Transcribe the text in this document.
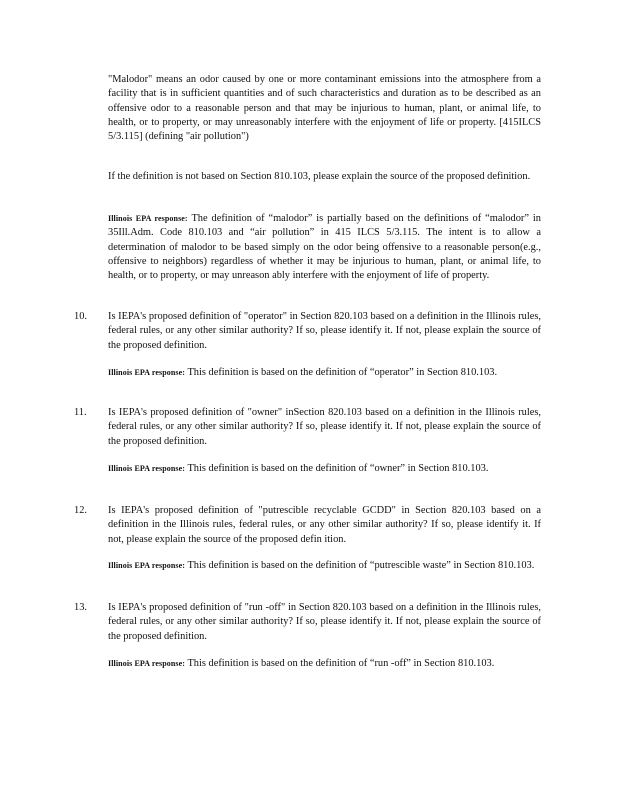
"Malodor" means an odor caused by one or more contaminant emissions into the atmosphere from a facility that is in sufficient quantities and of such characteristics and duration as to be described as an offensive odor to a reasonable person and that may be injurious to human, plant, or animal life, to health, or to property, or may unreasonably interfere with the enjoyment of life or property. [415ILCS 5/3.115] (defining "air pollution")

If the definition is not based on Section 810.103, please explain the source of the proposed definition.

Illinois EPA response: The definition of “malodor” is partially based on the definitions of “malodor” in 35Ill.Adm. Code 810.103 and “air pollution” in 415 ILCS 5/3.115. The intent is to allow a determination of malodor to be based simply on the odor being offensive to a reasonable person(e.g., offensive to neighbors) regardless of whether it may be injurious to human, plant, or animal life, to health, or to property, or may unreason ably interfere with the enjoyment of life of property.

10. Is IEPA's proposed definition of "operator" in Section 820.103 based on a definition in the Illinois rules, federal rules, or any other similar authority? If so, please identify it. If not, please explain the source of the proposed definition.

Illinois EPA response: This definition is based on the definition of “operator” in Section 810.103.

11. Is IEPA's proposed definition of "owner" inSection 820.103 based on a definition in the Illinois rules, federal rules, or any other similar authority? If so, please identify it. If not, please explain the source of the proposed definition.

Illinois EPA response: This definition is based on the definition of “owner” in Section 810.103.

12. Is IEPA's proposed definition of "putrescible recyclable GCDD" in Section 820.103 based on a definition in the Illinois rules, federal rules, or any other similar authority? If so, please identify it. If not, please explain the source of the proposed defin ition.

Illinois EPA response: This definition is based on the definition of “putrescible waste” in Section 810.103.

13. Is IEPA's proposed definition of "run -off" in Section 820.103 based on a definition in the Illinois rules, federal rules, or any other similar authority? If so, please identify it. If not, please explain the source of the proposed definition.

Illinois EPA response: This definition is based on the definition of “run -off” in Section 810.103.
